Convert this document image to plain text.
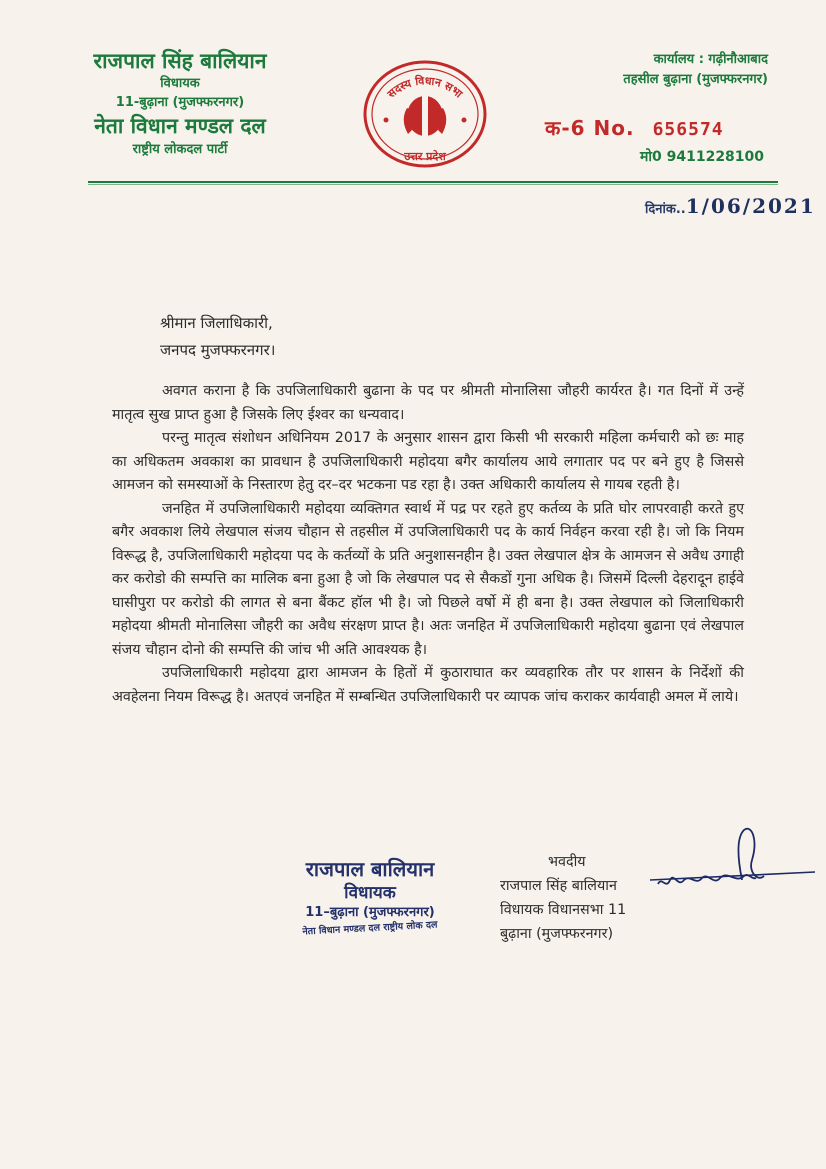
राजपाल सिंह बालियान
विधायक
11-बुढ़ाना (मुजफ्फरनगर)
नेता विधान मण्डल दल
राष्ट्रीय लोकदल पार्टी
सदस्य विधान सभा
उत्तर प्रदेश
कार्यालय : गढ़ीनौआबाद
तहसील बुढ़ाना (मुजफ्फरनगर)
क-6 No. 656574
मो0 9411228100
दिनांक..1/06/2021
श्रीमान जिलाधिकारी,
जनपद मुजफ्फरनगर।

अवगत कराना है कि उपजिलाधिकारी बुढाना के पद पर श्रीमती मोनालिसा जौहरी कार्यरत है। गत दिनों में उन्हें मातृत्व सुख प्राप्त हुआ है जिसके लिए ईश्वर का धन्यवाद।

परन्तु मातृत्व संशोधन अधिनियम 2017 के अनुसार शासन द्वारा किसी भी सरकारी महिला कर्मचारी को छः माह का अधिकतम अवकाश का प्रावधान है उपजिलाधिकारी महोदया बगैर कार्यालय आये लगातार पद पर बने हुए है जिससे आमजन को समस्याओं के निस्तारण हेतु दर–दर भटकना पड रहा है। उक्त अधिकारी कार्यालय से गायब रहती है।

जनहित में उपजिलाधिकारी महोदया व्यक्तिगत स्वार्थ में पद्र पर रहते हुए कर्तव्य के प्रति घोर लापरवाही करते हुए बगैर अवकाश लिये लेखपाल संजय चौहान से तहसील में उपजिलाधिकारी पद के कार्य निर्वहन करवा रही है। जो कि नियम विरूद्ध है, उपजिलाधिकारी महोदया पद के कर्तव्यों के प्रति अनुशासनहीन है। उक्त लेखपाल क्षेत्र के आमजन से अवैध उगाही कर करोडो की सम्पत्ति का मालिक बना हुआ है जो कि लेखपाल पद से सैकडों गुना अधिक है। जिसमें दिल्ली देहरादून हाईवे घासीपुरा पर करोडो की लागत से बना बैंकट हॉल भी है। जो पिछले वर्षो में ही बना है। उक्त लेखपाल को जिलाधिकारी महोदया श्रीमती मोनालिसा जौहरी का अवैध संरक्षण प्राप्त है। अतः जनहित में उपजिलाधिकारी महोदया बुढाना एवं लेखपाल संजय चौहान दोनो की सम्पत्ति की जांच भी अति आवश्यक है।

उपजिलाधिकारी महोदया द्वारा आमजन के हितों में कुठाराघात कर व्यवहारिक तौर पर शासन के निर्देशों की अवहेलना नियम विरूद्ध है। अतएवं जनहित में सम्बन्धित उपजिलाधिकारी पर व्यापक जांच कराकर कार्यवाही अमल में लाये।

राजपाल बालियान
विधायक
11–बुढ़ाना (मुजफ्फरनगर)
नेता विधान मण्डल दल राष्ट्रीय लोक दल
भवदीय
राजपाल सिंह बालियान
विधायक विधानसभा 11
बुढ़ाना (मुजफ्फरनगर)
